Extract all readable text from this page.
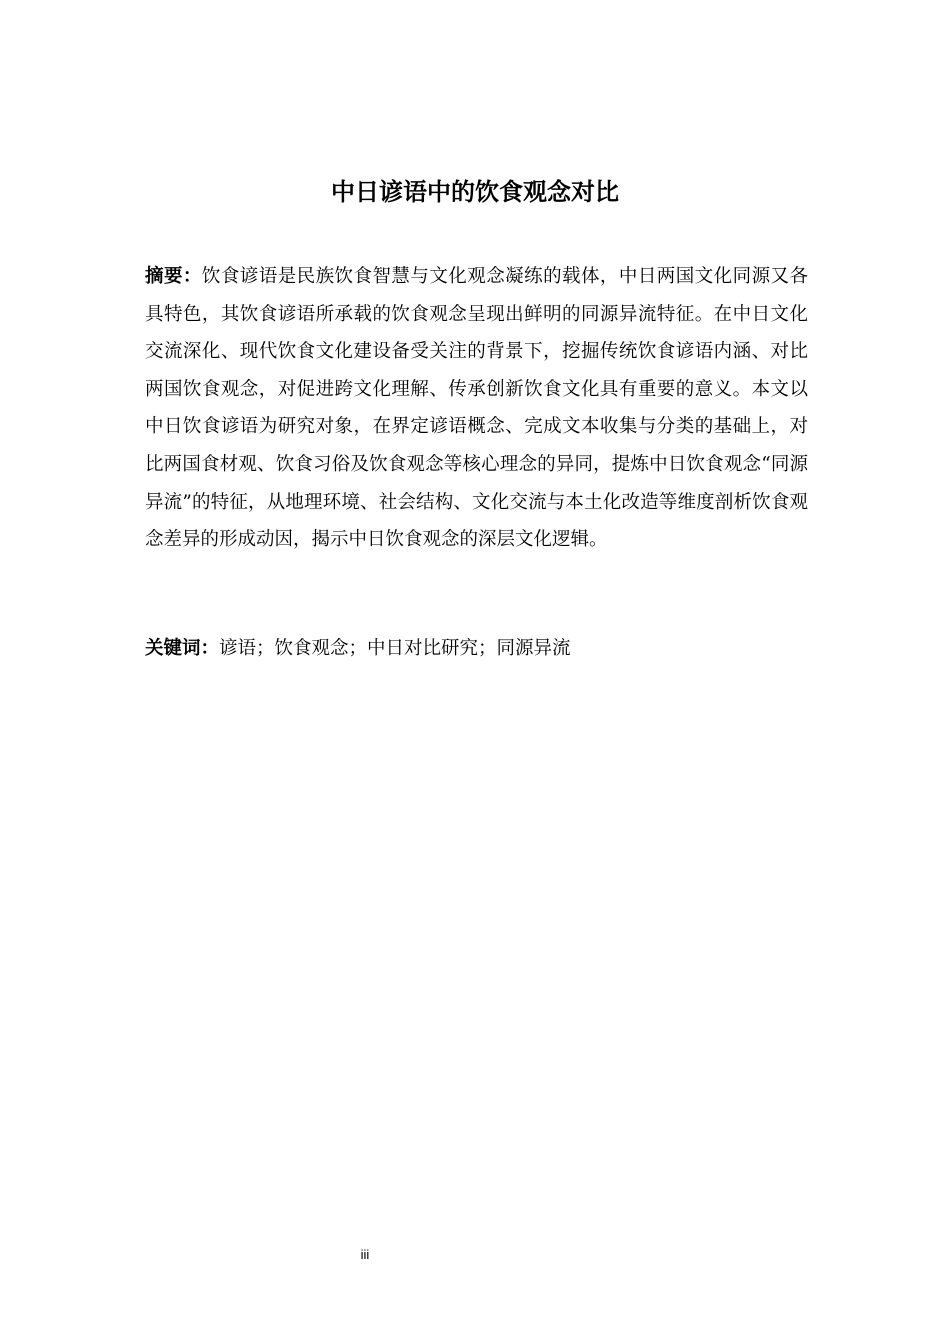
中日谚语中的饮食观念对比

摘要：饮食谚语是民族饮食智慧与文化观念凝练的载体，中日两国文化同源又各具特色，其饮食谚语所承载的饮食观念呈现出鲜明的同源异流特征。在中日文化交流深化、现代饮食文化建设备受关注的背景下，挖掘传统饮食谚语内涵、对比两国饮食观念，对促进跨文化理解、传承创新饮食文化具有重要的意义。本文以中日饮食谚语为研究对象，在界定谚语概念、完成文本收集与分类的基础上，对比两国食材观、饮食习俗及饮食观念等核心理念的异同，提炼中日饮食观念“同源异流”的特征，从地理环境、社会结构、文化交流与本土化改造等维度剖析饮食观念差异的形成动因，揭示中日饮食观念的深层文化逻辑。

关键词：谚语；饮食观念；中日对比研究；同源异流

iii
